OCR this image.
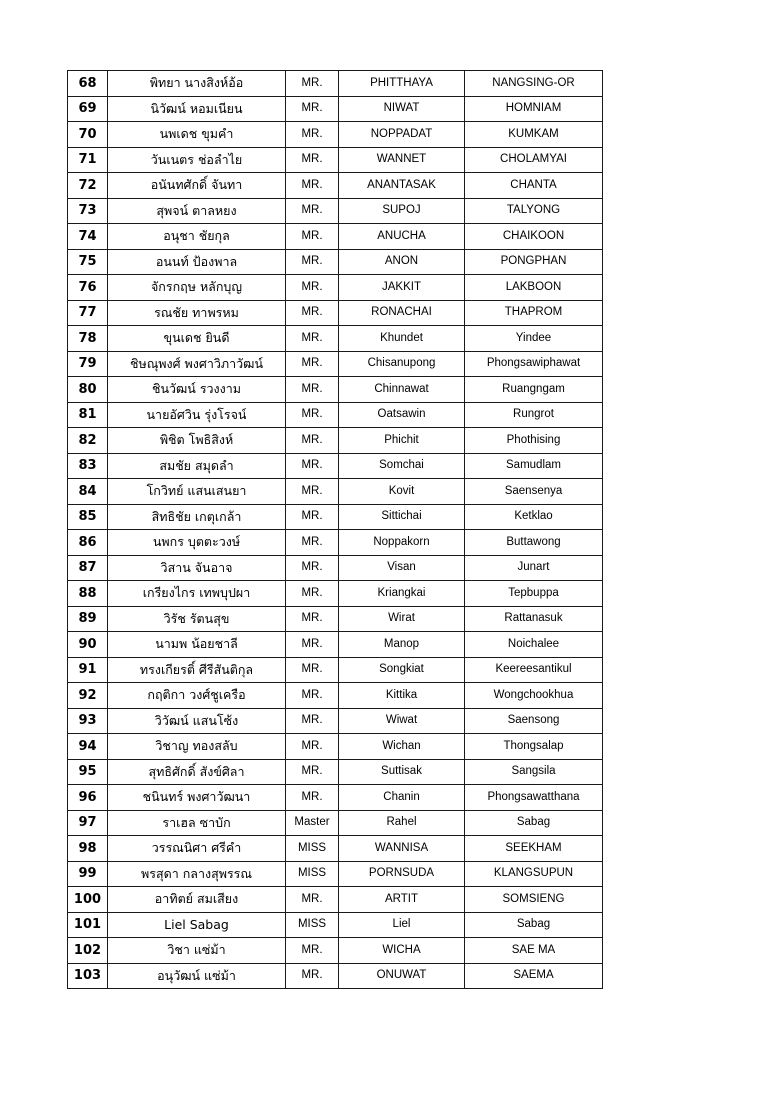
68	พิทยา นางสิงห์อ้อ	MR.	PHITTHAYA	NANGSING-OR
69	นิวัฒน์ หอมเนียน	MR.	NIWAT	HOMNIAM
70	นพเดช ขุมคำ	MR.	NOPPADAT	KUMKAM
71	วันเนตร ช่อลำไย	MR.	WANNET	CHOLAMYAI
72	อนันทศักดิ์ จันทา	MR.	ANANTASAK	CHANTA
73	สุพจน์ ตาลหยง	MR.	SUPOJ	TALYONG
74	อนุชา ชัยกุล	MR.	ANUCHA	CHAIKOON
75	อนนท์ ป้องพาล	MR.	ANON	PONGPHAN
76	จักรกฤษ หลักบุญ	MR.	JAKKIT	LAKBOON
77	รณชัย ทาพรหม	MR.	RONACHAI	THAPROM
78	ขุนเดช ยินดี	MR.	Khundet	Yindee
79	ชิษณุพงศ์ พงศาวิภาวัฒน์	MR.	Chisanupong	Phongsawiphawat
80	ชินวัฒน์ รวงงาม	MR.	Chinnawat	Ruangngam
81	นายอัศวิน รุ่งโรจน์	MR.	Oatsawin	Rungrot
82	พิชิต โพธิสิงห์	MR.	Phichit	Phothising
83	สมชัย สมุดลำ	MR.	Somchai	Samudlam
84	โกวิทย์ แสนเสนยา	MR.	Kovit	Saensenya
85	สิทธิชัย เกตุเกล้า	MR.	Sittichai	Ketklao
86	นพกร บุตตะวงษ์	MR.	Noppakorn	Buttawong
87	วิสาน จันอาจ	MR.	Visan	Junart
88	เกรียงไกร เทพบุปผา	MR.	Kriangkai	Tepbuppa
89	วิรัช รัตนสุข	MR.	Wirat	Rattanasuk
90	นามพ น้อยชาลี	MR.	Manop	Noichalee
91	ทรงเกียรติ์ ศีรีสันติกุล	MR.	Songkiat	Keereesantikul
92	กฤติกา วงศ์ชูเครือ	MR.	Kittika	Wongchookhua
93	วิวัฒน์ แสนโซ้ง	MR.	Wiwat	Saensong
94	วิชาญ ทองสลับ	MR.	Wichan	Thongsalap
95	สุทธิศักดิ์ สังข์ศิลา	MR.	Suttisak	Sangsila
96	ชนินทร์ พงศาวัฒนา	MR.	Chanin	Phongsawatthana
97	ราเฮล ซาบัก	Master	Rahel	Sabag
98	วรรณนิศา ศรีคำ	MISS	WANNISA	SEEKHAM
99	พรสุดา กลางสุพรรณ	MISS	PORNSUDA	KLANGSUPUN
100	อาทิตย์ สมเสียง	MR.	ARTIT	SOMSIENG
101	Liel Sabag	MISS	Liel	Sabag
102	วิชา แซ่ม้า	MR.	WICHA	SAE MA
103	อนุวัฒน์ แซ่ม้า	MR.	ONUWAT	SAEMA
